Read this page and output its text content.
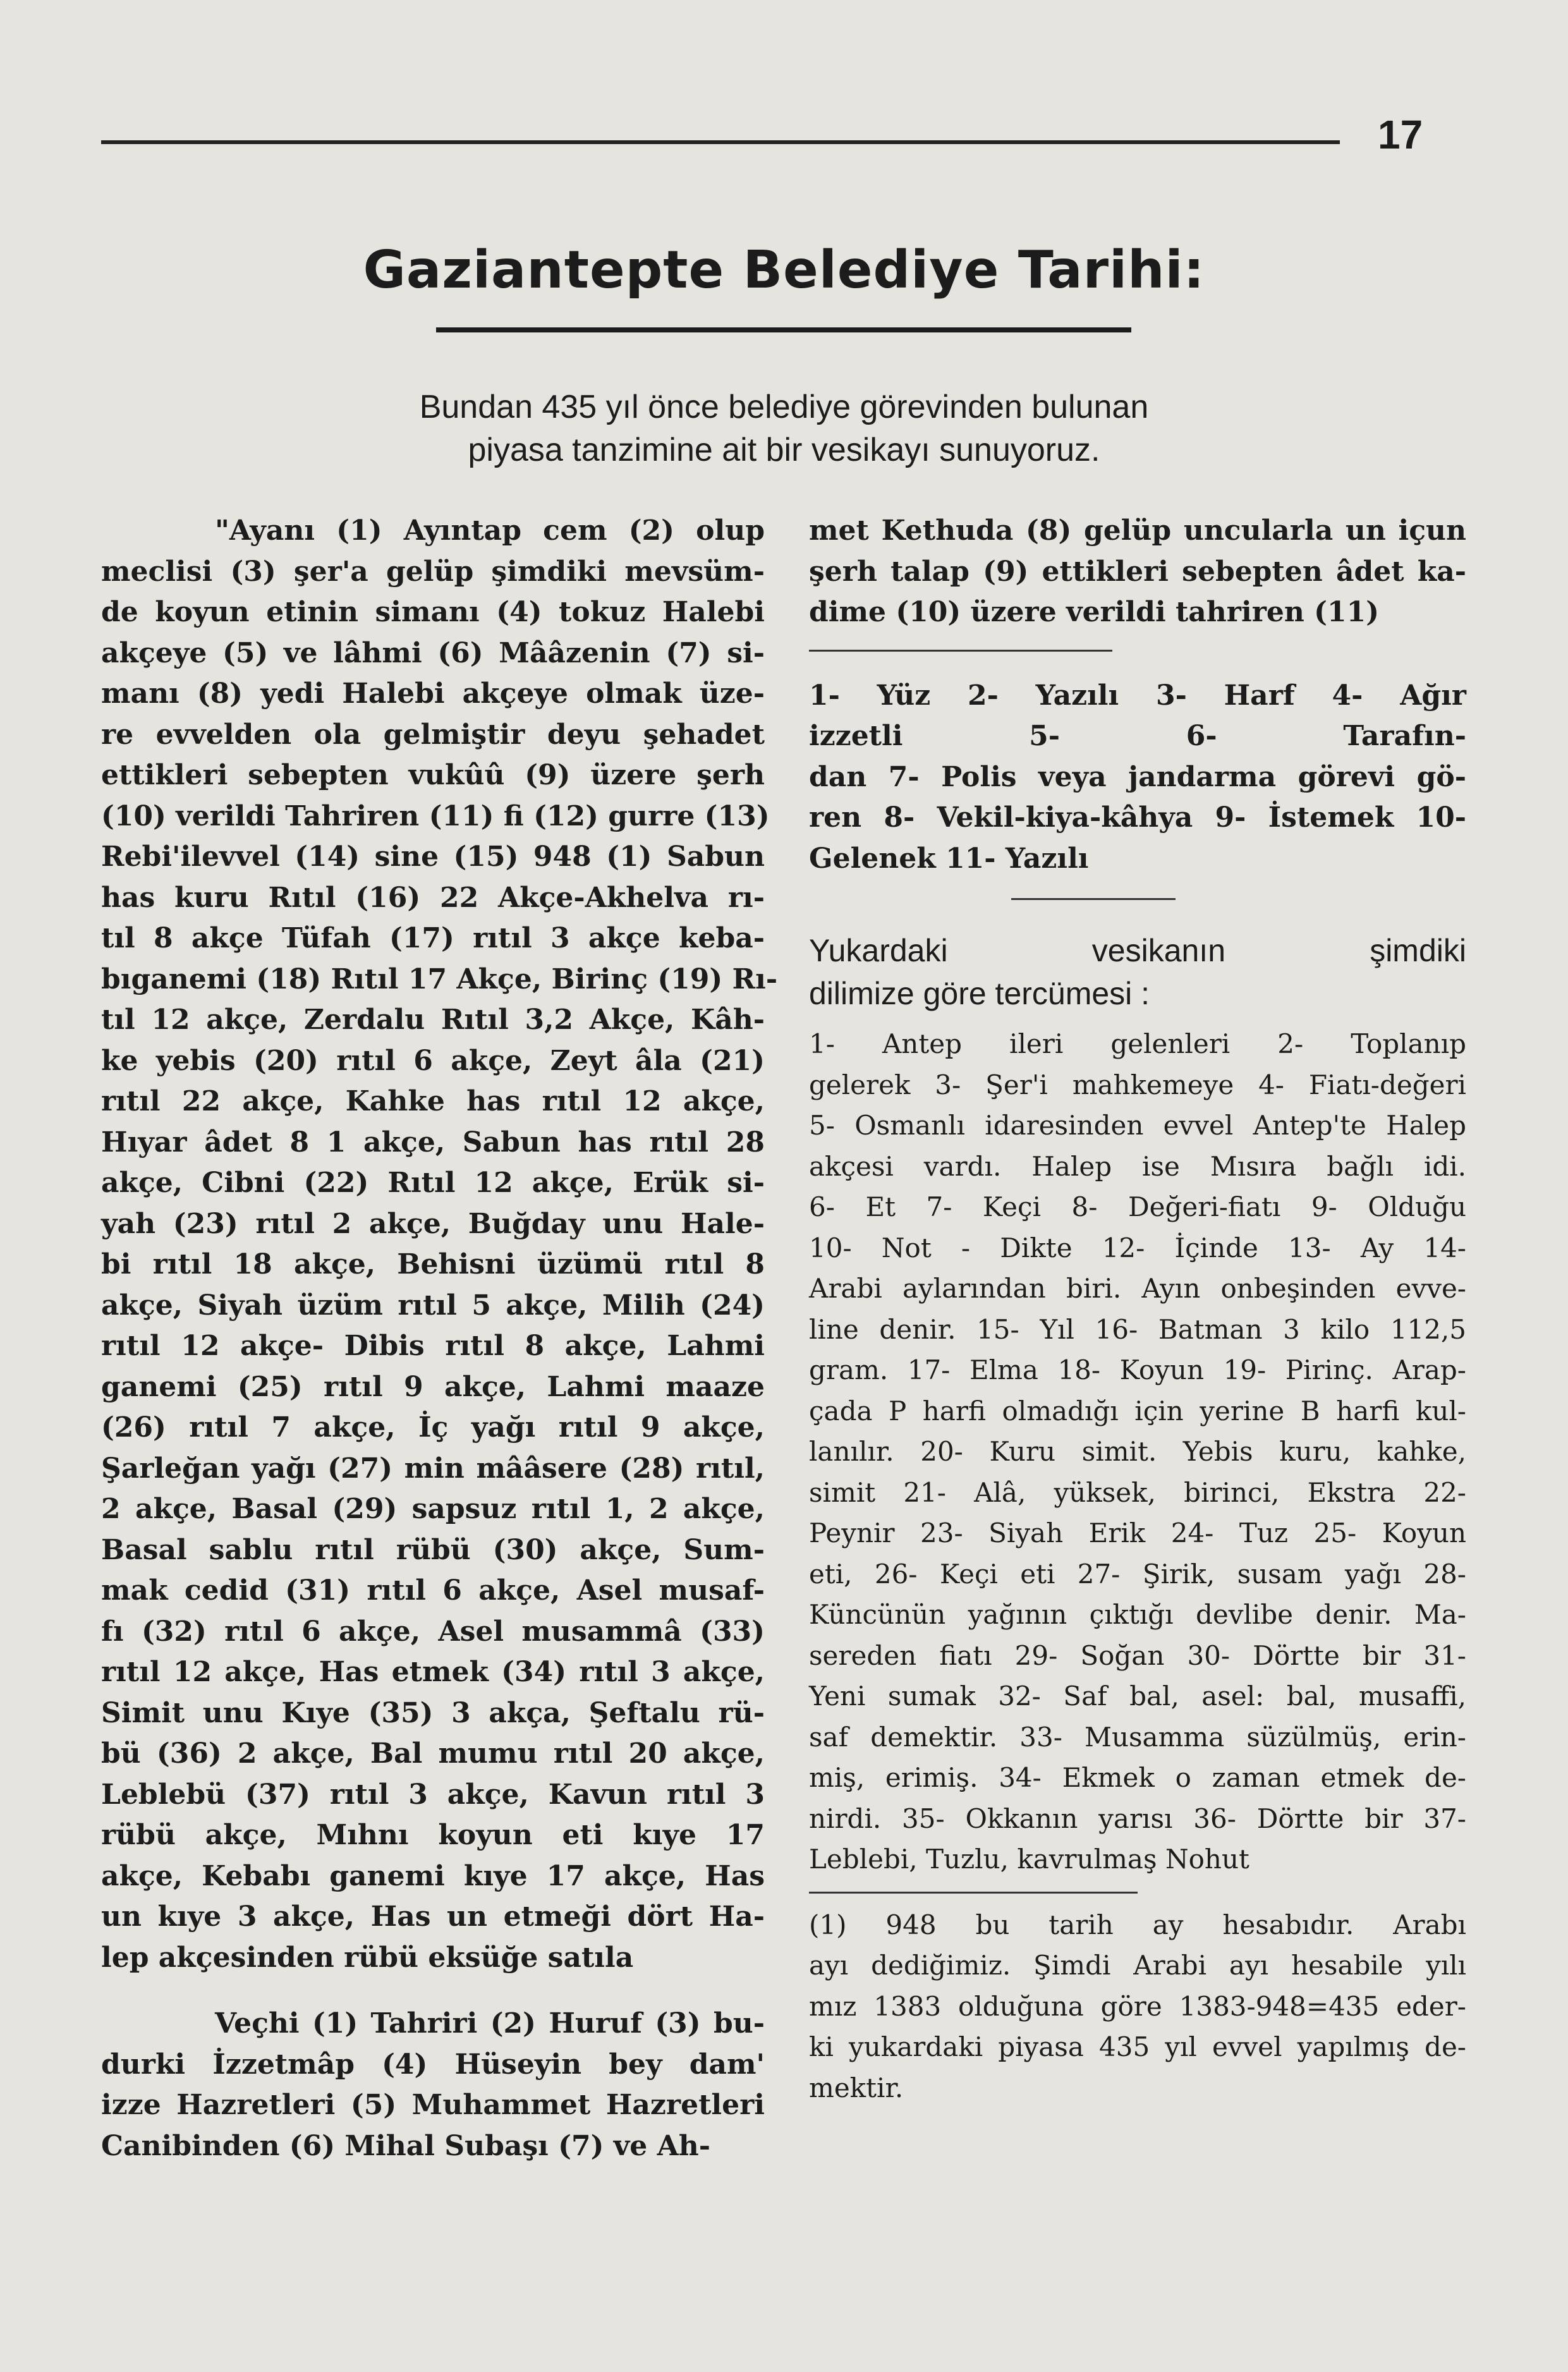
17
Gaziantepte Belediye Tarihi:
Bundan 435 yıl önce belediye görevinden bulunan
piyasa tanzimine ait bir vesikayı sunuyoruz.
"Ayanı (1) Ayıntap cem (2) olup
meclisi (3) şer'a gelüp şimdiki mevsüm-
de koyun etinin simanı (4) tokuz Halebi
akçeye (5) ve lâhmi (6) Mââzenin (7) si-
manı (8) yedi Halebi akçeye olmak üze-
re evvelden ola gelmiştir deyu şehadet
ettikleri sebepten vukûû (9) üzere şerh
(10) verildi Tahriren (11) fi (12) gurre (13)
Rebi'ilevvel (14) sine (15) 948 (1) Sabun
has kuru Rıtıl (16) 22 Akçe-Akhelva rı-
tıl 8 akçe Tüfah (17) rıtıl 3 akçe keba-
bıganemi (18) Rıtıl 17 Akçe, Birinç (19) Rı-
tıl 12 akçe, Zerdalu Rıtıl 3,2 Akçe, Kâh-
ke yebis (20) rıtıl 6 akçe, Zeyt âla (21)
rıtıl 22 akçe, Kahke has rıtıl 12 akçe,
Hıyar âdet 8 1 akçe, Sabun has rıtıl 28
akçe, Cibni (22) Rıtıl 12 akçe, Erük si-
yah (23) rıtıl 2 akçe, Buğday unu Hale-
bi rıtıl 18 akçe, Behisni üzümü rıtıl 8
akçe, Siyah üzüm rıtıl 5 akçe, Milih (24)
rıtıl 12 akçe- Dibis rıtıl 8 akçe, Lahmi
ganemi (25) rıtıl 9 akçe, Lahmi maaze
(26) rıtıl 7 akçe, İç yağı rıtıl 9 akçe,
Şarleğan yağı (27) min mââsere (28) rıtıl,
2 akçe, Basal (29) sapsuz rıtıl 1, 2 akçe,
Basal sablu rıtıl rübü (30) akçe, Sum-
mak cedid (31) rıtıl 6 akçe, Asel musaf-
fı (32) rıtıl 6 akçe, Asel musammâ (33)
rıtıl 12 akçe, Has etmek (34) rıtıl 3 akçe,
Simit unu Kıye (35) 3 akça, Şeftalu rü-
bü (36) 2 akçe, Bal mumu rıtıl 20 akçe,
Leblebü (37) rıtıl 3 akçe, Kavun rıtıl 3
rübü akçe, Mıhnı koyun eti kıye 17
akçe, Kebabı ganemi kıye 17 akçe, Has
un kıye 3 akçe, Has un etmeği dört Ha-
lep akçesinden rübü eksüğe satıla
Veçhi (1) Tahriri (2) Huruf (3) bu-
durki İzzetmâp (4) Hüseyin bey dam'
izze Hazretleri (5) Muhammet Hazretleri
Canibinden (6) Mihal Subaşı (7) ve Ah-
met Kethuda (8) gelüp uncularla un içun
şerh talap (9) ettikleri sebepten âdet ka-
dime (10) üzere verildi tahriren (11)
1- Yüz 2- Yazılı 3- Harf 4- Ağır
izzetli 5- 6- Tarafın-
dan 7- Polis veya jandarma görevi gö-
ren 8- Vekil-kiya-kâhya 9- İstemek 10-
Gelenek 11- Yazılı
Yukardaki vesikanın şimdiki
dilimize göre tercümesi :
1- Antep ileri gelenleri 2- Toplanıp
gelerek 3- Şer'i mahkemeye 4- Fiatı-değeri
5- Osmanlı idaresinden evvel Antep'te Halep
akçesi vardı. Halep ise Mısıra bağlı idi.
6- Et 7- Keçi 8- Değeri-fiatı 9- Olduğu
10- Not - Dikte 12- İçinde 13- Ay 14-
Arabi aylarından biri. Ayın onbeşinden evve-
line denir. 15- Yıl 16- Batman 3 kilo 112,5
gram. 17- Elma 18- Koyun 19- Pirinç. Arap-
çada P harfi olmadığı için yerine B harfi kul-
lanılır. 20- Kuru simit. Yebis kuru, kahke,
simit 21- Alâ, yüksek, birinci, Ekstra 22-
Peynir 23- Siyah Erik 24- Tuz 25- Koyun
eti, 26- Keçi eti 27- Şirik, susam yağı 28-
Küncünün yağının çıktığı devlibe denir. Ma-
sereden fiatı 29- Soğan 30- Dörtte bir 31-
Yeni sumak 32- Saf bal, asel: bal, musaffi,
saf demektir. 33- Musamma süzülmüş, erin-
miş, erimiş. 34- Ekmek o zaman etmek de-
nirdi. 35- Okkanın yarısı 36- Dörtte bir 37-
Leblebi, Tuzlu, kavrulmaş Nohut
(1) 948 bu tarih ay hesabıdır. Arabı
ayı dediğimiz. Şimdi Arabi ayı hesabile yılı
mız 1383 olduğuna göre 1383-948=435 eder-
ki yukardaki piyasa 435 yıl evvel yapılmış de-
mektir.
